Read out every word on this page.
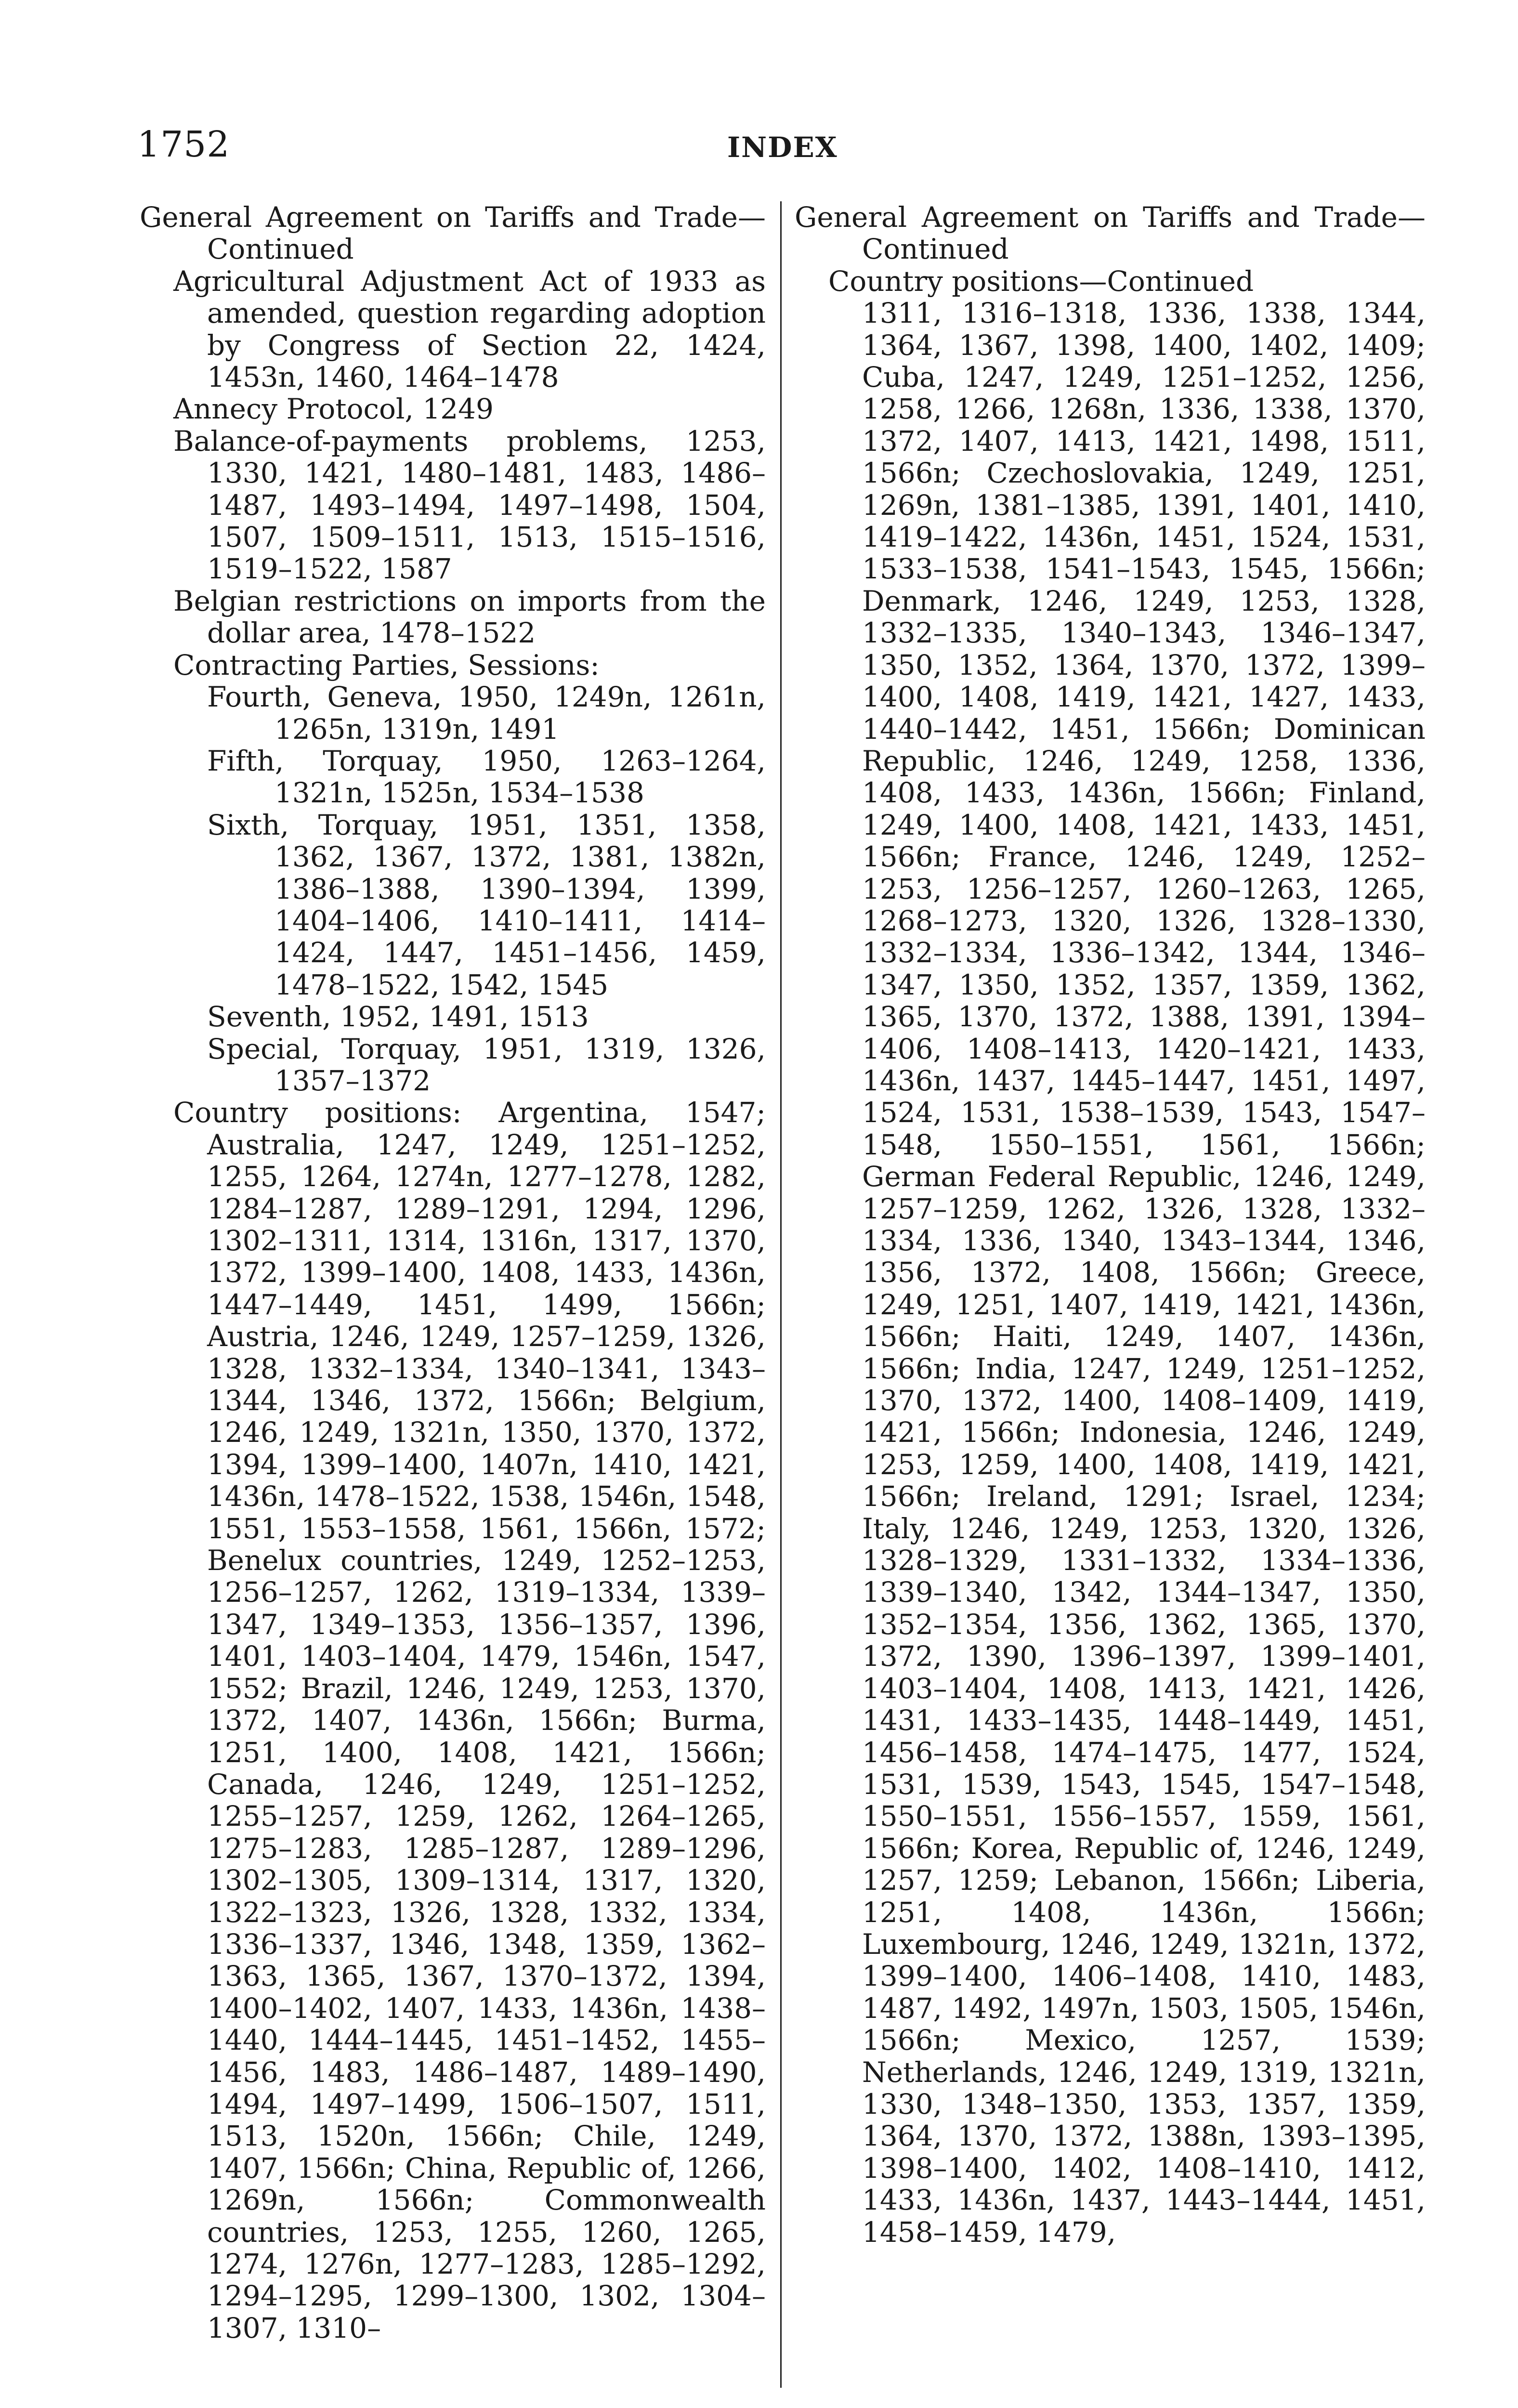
1752	INDEX

General Agreement on Tariffs and Trade—Continued

Agricultural Adjustment Act of 1933 as amended, question regarding adoption by Congress of Section 22, 1424, 1453n, 1460, 1464–1478

Annecy Protocol, 1249

Balance-of-payments problems, 1253, 1330, 1421, 1480–1481, 1483, 1486–1487, 1493–1494, 1497–1498, 1504, 1507, 1509–1511, 1513, 1515–1516, 1519–1522, 1587

Belgian restrictions on imports from the dollar area, 1478–1522

Contracting Parties, Sessions:

Fourth, Geneva, 1950, 1249n, 1261n, 1265n, 1319n, 1491

Fifth, Torquay, 1950, 1263–1264, 1321n, 1525n, 1534–1538

Sixth, Torquay, 1951, 1351, 1358, 1362, 1367, 1372, 1381, 1382n, 1386–1388, 1390–1394, 1399, 1404–1406, 1410–1411, 1414–1424, 1447, 1451–1456, 1459, 1478–1522, 1542, 1545

Seventh, 1952, 1491, 1513

Special, Torquay, 1951, 1319, 1326, 1357–1372

Country positions: Argentina, 1547; Australia, 1247, 1249, 1251–1252, 1255, 1264, 1274n, 1277–1278, 1282, 1284–1287, 1289–1291, 1294, 1296, 1302–1311, 1314, 1316n, 1317, 1370, 1372, 1399–1400, 1408, 1433, 1436n, 1447–1449, 1451, 1499, 1566n; Austria, 1246, 1249, 1257–1259, 1326, 1328, 1332–1334, 1340–1341, 1343–1344, 1346, 1372, 1566n; Belgium, 1246, 1249, 1321n, 1350, 1370, 1372, 1394, 1399–1400, 1407n, 1410, 1421, 1436n, 1478–1522, 1538, 1546n, 1548, 1551, 1553–1558, 1561, 1566n, 1572; Benelux countries, 1249, 1252–1253, 1256–1257, 1262, 1319–1334, 1339–1347, 1349–1353, 1356–1357, 1396, 1401, 1403–1404, 1479, 1546n, 1547, 1552; Brazil, 1246, 1249, 1253, 1370, 1372, 1407, 1436n, 1566n; Burma, 1251, 1400, 1408, 1421, 1566n; Canada, 1246, 1249, 1251–1252, 1255–1257, 1259, 1262, 1264–1265, 1275–1283, 1285–1287, 1289–1296, 1302–1305, 1309–1314, 1317, 1320, 1322–1323, 1326, 1328, 1332, 1334, 1336–1337, 1346, 1348, 1359, 1362–1363, 1365, 1367, 1370–1372, 1394, 1400–1402, 1407, 1433, 1436n, 1438–1440, 1444–1445, 1451–1452, 1455–1456, 1483, 1486–1487, 1489–1490, 1494, 1497–1499, 1506–1507, 1511, 1513, 1520n, 1566n; Chile, 1249, 1407, 1566n; China, Republic of, 1266, 1269n, 1566n; Commonwealth countries, 1253, 1255, 1260, 1265, 1274, 1276n, 1277–1283, 1285–1292, 1294–1295, 1299–1300, 1302, 1304–1307, 1310–

General Agreement on Tariffs and Trade—Continued

Country positions—Continued

1311, 1316–1318, 1336, 1338, 1344, 1364, 1367, 1398, 1400, 1402, 1409; Cuba, 1247, 1249, 1251–1252, 1256, 1258, 1266, 1268n, 1336, 1338, 1370, 1372, 1407, 1413, 1421, 1498, 1511, 1566n; Czechoslovakia, 1249, 1251, 1269n, 1381–1385, 1391, 1401, 1410, 1419–1422, 1436n, 1451, 1524, 1531, 1533–1538, 1541–1543, 1545, 1566n; Denmark, 1246, 1249, 1253, 1328, 1332–1335, 1340–1343, 1346–1347, 1350, 1352, 1364, 1370, 1372, 1399–1400, 1408, 1419, 1421, 1427, 1433, 1440–1442, 1451, 1566n; Dominican Republic, 1246, 1249, 1258, 1336, 1408, 1433, 1436n, 1566n; Finland, 1249, 1400, 1408, 1421, 1433, 1451, 1566n; France, 1246, 1249, 1252–1253, 1256–1257, 1260–1263, 1265, 1268–1273, 1320, 1326, 1328–1330, 1332–1334, 1336–1342, 1344, 1346–1347, 1350, 1352, 1357, 1359, 1362, 1365, 1370, 1372, 1388, 1391, 1394–1406, 1408–1413, 1420–1421, 1433, 1436n, 1437, 1445–1447, 1451, 1497, 1524, 1531, 1538–1539, 1543, 1547–1548, 1550–1551, 1561, 1566n; German Federal Republic, 1246, 1249, 1257–1259, 1262, 1326, 1328, 1332–1334, 1336, 1340, 1343–1344, 1346, 1356, 1372, 1408, 1566n; Greece, 1249, 1251, 1407, 1419, 1421, 1436n, 1566n; Haiti, 1249, 1407, 1436n, 1566n; India, 1247, 1249, 1251–1252, 1370, 1372, 1400, 1408–1409, 1419, 1421, 1566n; Indonesia, 1246, 1249, 1253, 1259, 1400, 1408, 1419, 1421, 1566n; Ireland, 1291; Israel, 1234; Italy, 1246, 1249, 1253, 1320, 1326, 1328–1329, 1331–1332, 1334–1336, 1339–1340, 1342, 1344–1347, 1350, 1352–1354, 1356, 1362, 1365, 1370, 1372, 1390, 1396–1397, 1399–1401, 1403–1404, 1408, 1413, 1421, 1426, 1431, 1433–1435, 1448–1449, 1451, 1456–1458, 1474–1475, 1477, 1524, 1531, 1539, 1543, 1545, 1547–1548, 1550–1551, 1556–1557, 1559, 1561, 1566n; Korea, Republic of, 1246, 1249, 1257, 1259; Lebanon, 1566n; Liberia, 1251, 1408, 1436n, 1566n; Luxembourg, 1246, 1249, 1321n, 1372, 1399–1400, 1406–1408, 1410, 1483, 1487, 1492, 1497n, 1503, 1505, 1546n, 1566n; Mexico, 1257, 1539; Netherlands, 1246, 1249, 1319, 1321n, 1330, 1348–1350, 1353, 1357, 1359, 1364, 1370, 1372, 1388n, 1393–1395, 1398–1400, 1402, 1408–1410, 1412, 1433, 1436n, 1437, 1443–1444, 1451, 1458–1459, 1479,
